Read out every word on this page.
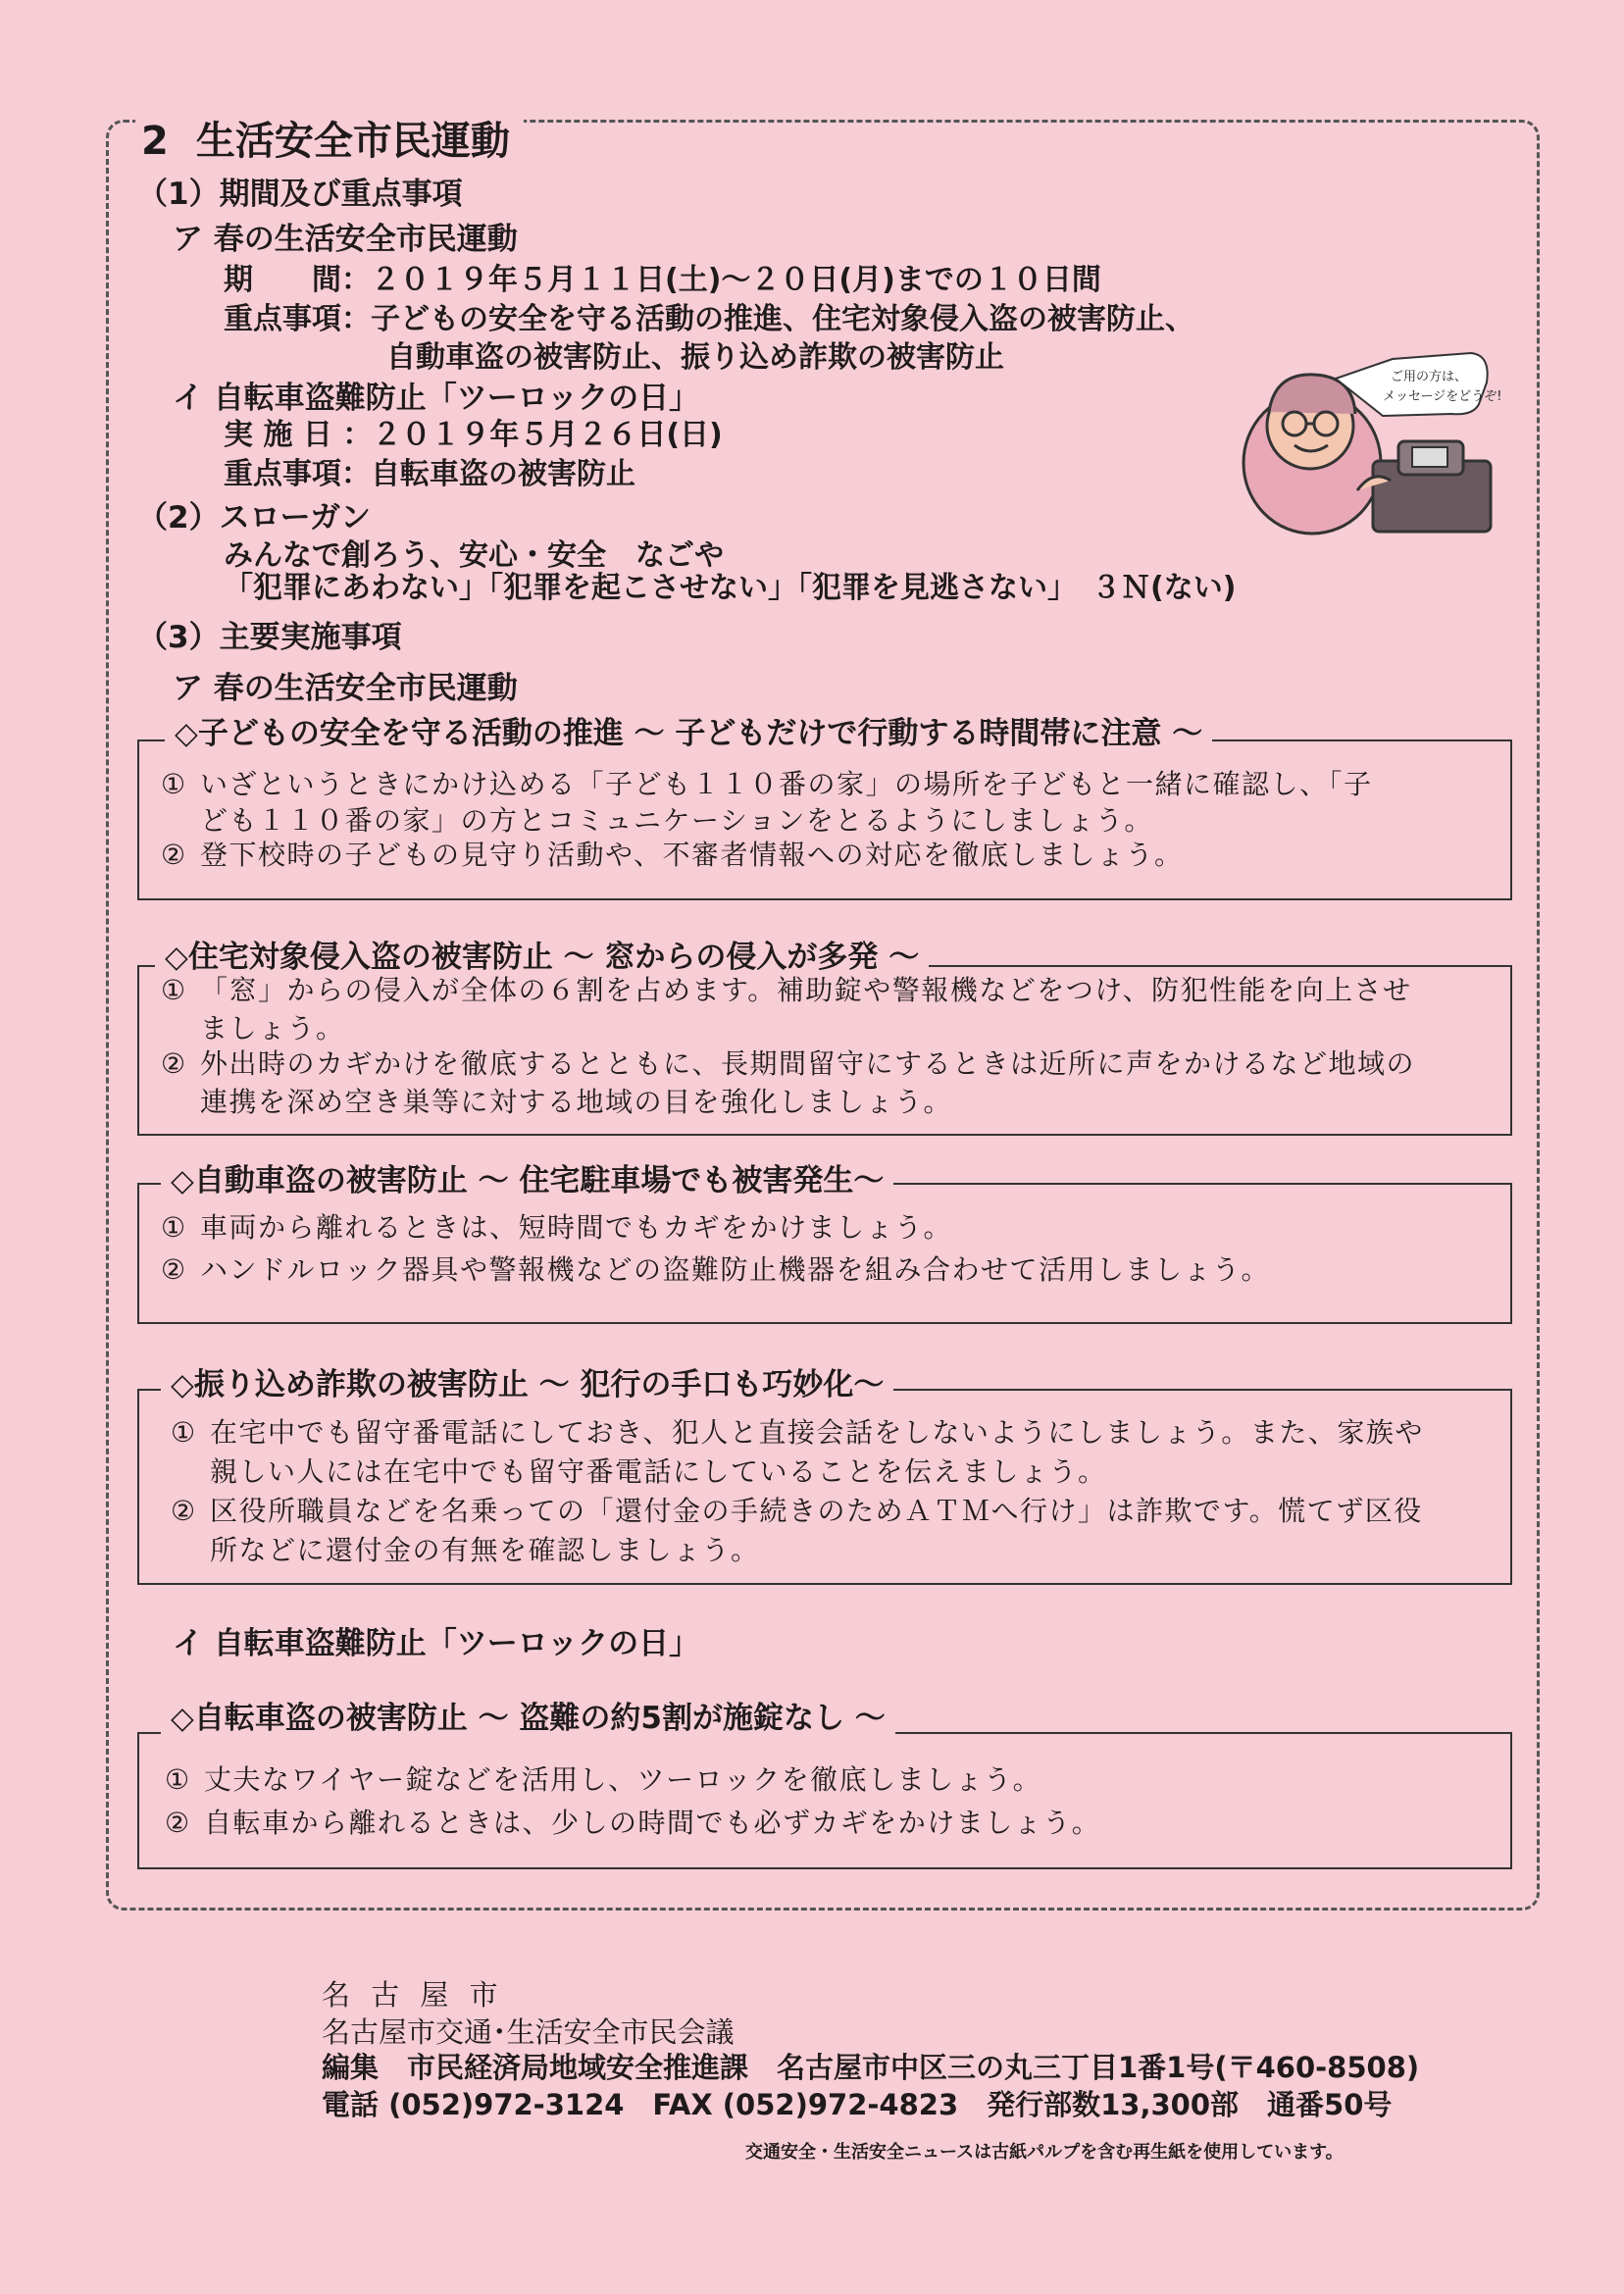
2 生活安全市民運動
（1）期間及び重点事項
ア 春の生活安全市民運動
期　　間：２０１９年５月１１日(土)～２０日(月)までの１０日間
重点事項：子どもの安全を守る活動の推進、住宅対象侵入盗の被害防止、
自動車盗の被害防止、振り込め詐欺の被害防止
イ 自転車盗難防止「ツーロックの日」
実 施 日 ：２０１９年５月２６日(日)
重点事項：自転車盗の被害防止
（2）スローガン
みんなで創ろう、安心・安全　なごや
「犯罪にあわない」「犯罪を起こさせない」「犯罪を見逃さない」　３Ｎ(ない)
（3）主要実施事項
ア 春の生活安全市民運動
ご用の方は、
メッセージをどうぞ!
◇子どもの安全を守る活動の推進 ～ 子どもだけで行動する時間帯に注意 ～
① いざというときにかけ込める「子ども１１０番の家」の場所を子どもと一緒に確認し、「子
ども１１０番の家」の方とコミュニケーションをとるようにしましょう。
② 登下校時の子どもの見守り活動や、不審者情報への対応を徹底しましょう。
◇住宅対象侵入盗の被害防止 ～ 窓からの侵入が多発 ～
① 「窓」からの侵入が全体の６割を占めます。補助錠や警報機などをつけ、防犯性能を向上させ
ましょう。
② 外出時のカギかけを徹底するとともに、長期間留守にするときは近所に声をかけるなど地域の
連携を深め空き巣等に対する地域の目を強化しましょう。
◇自動車盗の被害防止 ～ 住宅駐車場でも被害発生～
① 車両から離れるときは、短時間でもカギをかけましょう。
② ハンドルロック器具や警報機などの盗難防止機器を組み合わせて活用しましょう。
◇振り込め詐欺の被害防止 ～ 犯行の手口も巧妙化～
① 在宅中でも留守番電話にしておき、犯人と直接会話をしないようにしましょう。また、家族や
親しい人には在宅中でも留守番電話にしていることを伝えましょう。
② 区役所職員などを名乗っての「還付金の手続きのためＡＴＭへ行け」は詐欺です。慌てず区役
所などに還付金の有無を確認しましょう。
イ 自転車盗難防止「ツーロックの日」
◇自転車盗の被害防止 ～ 盗難の約5割が施錠なし ～
① 丈夫なワイヤー錠などを活用し、ツーロックを徹底しましょう。
② 自転車から離れるときは、少しの時間でも必ずカギをかけましょう。
名 古 屋 市
名古屋市交通･生活安全市民会議
編集　市民経済局地域安全推進課　名古屋市中区三の丸三丁目1番1号(〒460-8508)
電話 (052)972-3124　FAX (052)972-4823　発行部数13,300部　通番50号
交通安全・生活安全ニュースは古紙パルプを含む再生紙を使用しています。
